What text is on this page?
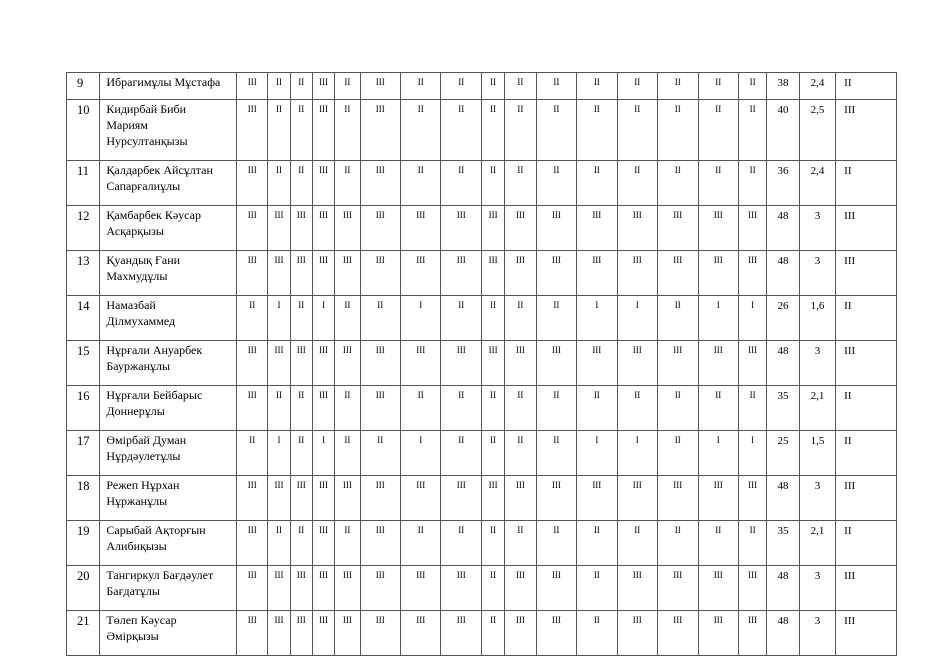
9	Ибрагимұлы Мұстафа	III	II	II	III	II	III	II	II	II	II	II	II	II	II	II	II	38	2,4	II
10	Кидирбай Биби
Мариям
Нурсултанқызы	III	II	II	III	II	III	II	II	II	II	II	II	II	II	II	II	40	2,5	III
11	Қалдарбек Айсұлтан
Сапарғалиұлы	III	II	II	III	II	III	II	II	II	II	II	II	II	II	II	II	36	2,4	II
12	Қамбарбек Кәусар
Асқарқызы	III	III	III	III	III	III	III	III	III	III	III	III	III	III	III	III	48	3	III
13	Қуандық Ғани
Махмудұлы	III	III	III	III	III	III	III	III	III	III	III	III	III	III	III	III	48	3	III
14	Намазбай
Ділмухаммед	II	I	II	I	II	II	I	II	II	II	II	I	I	II	I	I	26	1,6	II
15	Нұрғали Ануарбек
Бауржанұлы	III	III	III	III	III	III	III	III	III	III	III	III	III	III	III	III	48	3	III
16	Нұрғали Бейбарыс
Доннерұлы	III	II	II	III	II	III	II	II	II	II	II	II	II	II	II	II	35	2,1	II
17	Өмірбай Думан
Нұрдәулетұлы	II	I	II	I	II	II	I	II	II	II	II	I	I	II	I	I	25	1,5	II
18	Режеп Нұрхан
Нұржанұлы	III	III	III	III	III	III	III	III	III	III	III	III	III	III	III	III	48	3	III
19	Сарыбай Ақторғын
Алибиқызы	III	II	II	III	II	III	II	II	II	II	II	II	II	II	II	II	35	2,1	II
20	Тангиркул Бағдәулет
Бағдатұлы	III	III	III	III	III	III	III	III	II	III	III	II	III	III	III	III	48	3	III
21	Төлеп Кәусар
Әмірқызы	III	III	III	III	III	III	III	III	II	III	III	II	III	III	III	III	48	3	III
